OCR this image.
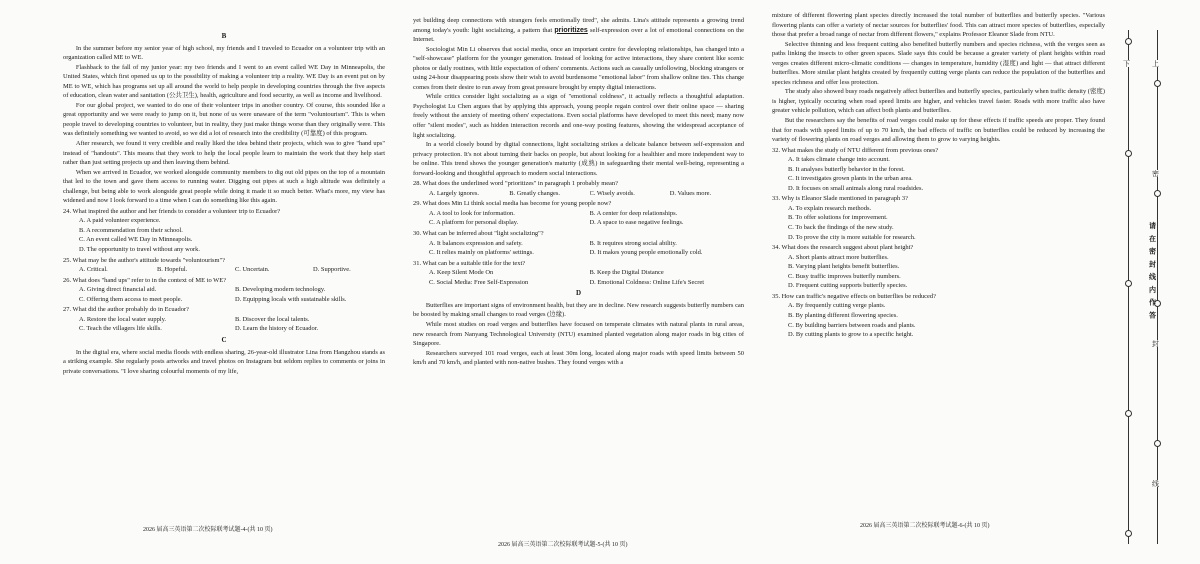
B

In the summer before my senior year of high school, my friends and I traveled to Ecuador on a volunteer trip with an organization called ME to WE.

Flashback to the fall of my junior year: my two friends and I went to an event called WE Day in Minneapolis, the United States, which first opened us up to the possibility of making a volunteer trip a reality. WE Day is an event put on by ME to WE, which has programs set up all around the world to help people in developing countries through the five aspects of education, clean water and sanitation (公共卫生), health, agriculture and food security, as well as income and livelihood.

For our global project, we wanted to do one of their volunteer trips in another country. Of course, this sounded like a great opportunity and we were ready to jump on it, but none of us were unaware of the term "voluntourism". This is when people travel to developing countries to volunteer, but in reality, they just make things worse than they originally were. This was definitely something we wanted to avoid, so we did a lot of research into the credibility (可靠度) of this program.

After research, we found it very credible and really liked the idea behind their projects, which was to give "hand ups" instead of "handouts". This means that they work to help the local people learn to maintain the work that they help start rather than just setting projects up and then leaving them behind.

When we arrived in Ecuador, we worked alongside community members to dig out old pipes on the top of a mountain that led to the town and gave them access to running water. Digging out pipes at such a high altitude was definitely a challenge, but being able to work alongside great people while doing it made it so much better. What's more, my view has widened and now I look forward to a time when I can do something like this again.

24. What inspired the author and her friends to consider a volunteer trip to Ecuador?
A. A paid volunteer experience.
B. A recommendation from their school.
C. An event called WE Day in Minneapolis.
D. The opportunity to travel without any work.
25. What may be the author's attitude towards "voluntourism"?
A. Critical.	B. Hopeful.	C. Uncertain.	D. Supportive.
26. What does "hand ups" refer to in the context of ME to WE?
A. Giving direct financial aid.	B. Developing modern technology.
C. Offering them access to meet people.	D. Equipping locals with sustainable skills.
27. What did the author probably do in Ecuador?
A. Restore the local water supply.	B. Discover the local talents.
C. Teach the villagers life skills.	D. Learn the history of Ecuador.
C

In the digital era, where social media floods with endless sharing, 26-year-old illustrator Lina from Hangzhou stands as a striking example. She regularly posts artworks and travel photos on Instagram but seldom replies to comments or joins in private conversations. "I love sharing colourful moments of my life,

2026 届高三英语第二次校际联考试题-4-(共 10 页)

yet building deep connections with strangers feels emotionally tired", she admits. Lina's attitude represents a growing trend among today's youth: light socializing, a pattern that prioritizes self-expression over a lot of emotional connections on the Internet.

Sociologist Min Li observes that social media, once an important centre for developing relationships, has changed into a "self-showcase" platform for the younger generation. Instead of looking for active interactions, they share content like scenic photos or daily routines, with little expectation of others' comments. Actions such as casually unfollowing, blocking strangers or using 24-hour disappearing posts show their wish to avoid burdensome "emotional labor" from shallow online ties. This change comes from their desire to run away from great pressure brought by empty digital interactions.

While critics consider light socializing as a sign of "emotional coldness", it actually reflects a thoughtful adaptation. Psychologist Lu Chen argues that by applying this approach, young people regain control over their online space — sharing freely without the anxiety of meeting others' expectations. Even social platforms have developed to meet this need; many now offer "silent modes", such as hidden interaction records and one-way posting features, showing the widespread acceptance of light socializing.

In a world closely bound by digital connections, light socializing strikes a delicate balance between self-expression and privacy protection. It's not about turning their backs on people, but about looking for a healthier and more independent way to be online. This trend shows the younger generation's maturity (成熟) in safeguarding their mental well-being, representing a forward-looking and thoughtful approach to modern social interactions.

28. What does the underlined word "prioritizes" in paragraph 1 probably mean?
A. Largely ignores.	B. Greatly changes.	C. Wisely avoids.	D. Values more.
29. What does Min Li think social media has become for young people now?
A. A tool to look for information.	B. A center for deep relationships.
C. A platform for personal display.	D. A space to ease negative feelings.
30. What can be inferred about "light socializing"?
A. It balances expression and safety.	B. It requires strong social ability.
C. It relies mainly on platforms' settings.	D. It makes young people emotionally cold.
31. What can be a suitable title for the text?
A. Keep Silent Mode On	B. Keep the Digital Distance
C. Social Media: Free Self-Expression	D. Emotional Coldness: Online Life's Secret
D

Butterflies are important signs of environment health, but they are in decline. New research suggests butterfly numbers can be boosted by making small changes to road verges (边缘).

While most studies on road verges and butterflies have focused on temperate climates with natural plants in rural areas, new research from Nanyang Technological University (NTU) examined planted vegetation along major roads in big cities of Singapore.

Researchers surveyed 101 road verges, each at least 30m long, located along major roads with speed limits between 50 km/h and 70 km/h, and planted with non-native bushes. They found verges with a

2026 届高三英语第二次校际联考试题-5-(共 10 页)

mixture of different flowering plant species directly increased the total number of butterflies and butterfly species. "Various flowering plants can offer a variety of nectar sources for butterflies' food. This can attract more species of butterflies, especially those that prefer a broad range of nectar from different flowers," explains Professor Eleanor Slade from NTU.

Selective thinning and less frequent cutting also benefited butterfly numbers and species richness, with the verges seen as paths linking the insects to other green spaces. Slade says this could be because a greater variety of plant heights within road verges creates different micro-climatic conditions — changes in temperature, humidity (湿度) and light — that attract different butterflies. More similar plant heights created by frequently cutting verge plants can reduce the population of the butterflies and species richness and offer less protection.

The study also showed busy roads negatively affect butterflies and butterfly species, particularly when traffic density (密度) is higher, typically occuring when road speed limits are higher, and vehicles travel faster. Roads with more traffic also have greater vehicle pollution, which can affect both plants and butterflies.

But the researchers say the benefits of road verges could make up for these effects if traffic speeds are proper. They found that for roads with speed limits of up to 70 km/h, the bad effects of traffic on butterflies could be reduced by increasing the variety of flowering plants on road verges and allowing them to grow to varying heights.

32. What makes the study of NTU different from previous ones?
A. It takes climate change into account.
B. It analyses butterfly behavior in the forest.
C. It investigates grown plants in the urban area.
D. It focuses on small animals along rural roadsides.
33. Why is Eleanor Slade mentioned in paragraph 3?
A. To explain research methods.
B. To offer solutions for improvement.
C. To back the findings of the new study.
D. To prove the city is more suitable for research.
34. What does the research suggest about plant height?
A. Short plants attract more butterflies.
B. Varying plant heights benefit butterflies.
C. Busy traffic improves butterfly numbers.
D. Frequent cutting supports butterfly species.
35. How can traffic's negative effects on butterflies be reduced?
A. By frequently cutting verge plants.
B. By planting different flowering species.
C. By building barriers between roads and plants.
D. By cutting plants to grow to a specific height.
2026 届高三英语第二次校际联考试题-6-(共 10 页)
下	上
密
封
线
请 在 密 封 线 内 作 答
